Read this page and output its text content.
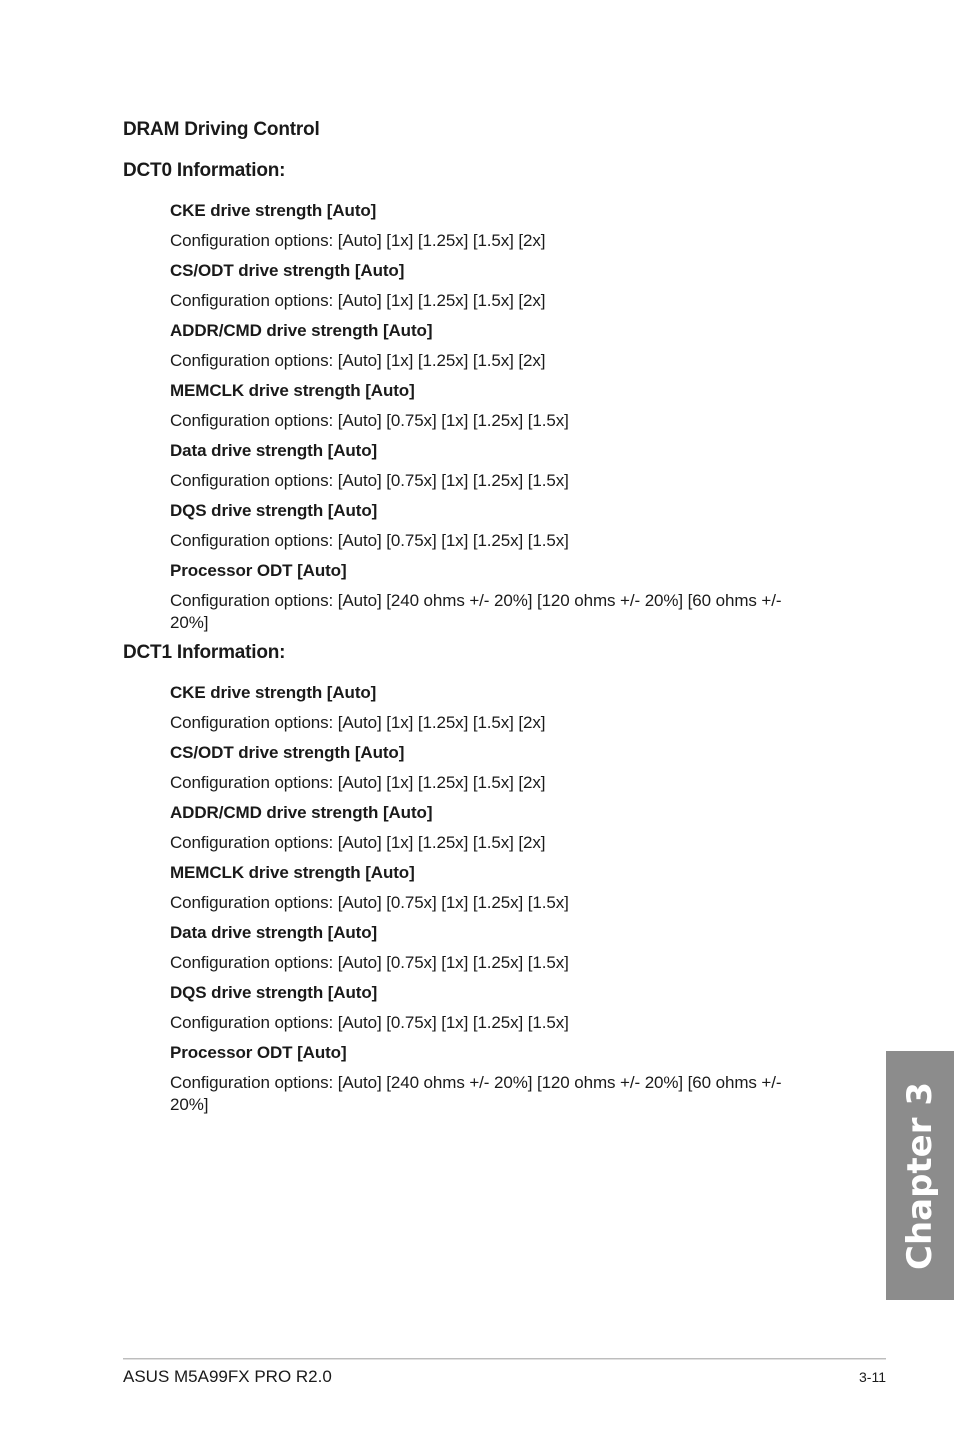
DRAM Driving Control
DCT0 Information:
CKE drive strength [Auto]
Configuration options: [Auto] [1x] [1.25x] [1.5x] [2x]
CS/ODT drive strength [Auto]
Configuration options: [Auto] [1x] [1.25x] [1.5x] [2x]
ADDR/CMD drive strength [Auto]
Configuration options: [Auto] [1x] [1.25x] [1.5x] [2x]
MEMCLK drive strength [Auto]
Configuration options: [Auto] [0.75x] [1x] [1.25x] [1.5x]
Data drive strength [Auto]
Configuration options: [Auto] [0.75x] [1x] [1.25x] [1.5x]
DQS drive strength [Auto]
Configuration options: [Auto] [0.75x] [1x] [1.25x] [1.5x]
Processor ODT [Auto]
Configuration options: [Auto] [240 ohms +/- 20%] [120 ohms +/- 20%] [60 ohms +/- 20%]
DCT1 Information:
CKE drive strength [Auto]
Configuration options: [Auto] [1x] [1.25x] [1.5x] [2x]
CS/ODT drive strength [Auto]
Configuration options: [Auto] [1x] [1.25x] [1.5x] [2x]
ADDR/CMD drive strength [Auto]
Configuration options: [Auto] [1x] [1.25x] [1.5x] [2x]
MEMCLK drive strength [Auto]
Configuration options: [Auto] [0.75x] [1x] [1.25x] [1.5x]
Data drive strength [Auto]
Configuration options: [Auto] [0.75x] [1x] [1.25x] [1.5x]
DQS drive strength [Auto]
Configuration options: [Auto] [0.75x] [1x] [1.25x] [1.5x]
Processor ODT [Auto]
Configuration options: [Auto] [240 ohms +/- 20%] [120 ohms +/- 20%] [60 ohms +/- 20%]	Chapter 3
ASUS M5A99FX PRO R2.0	3-11
